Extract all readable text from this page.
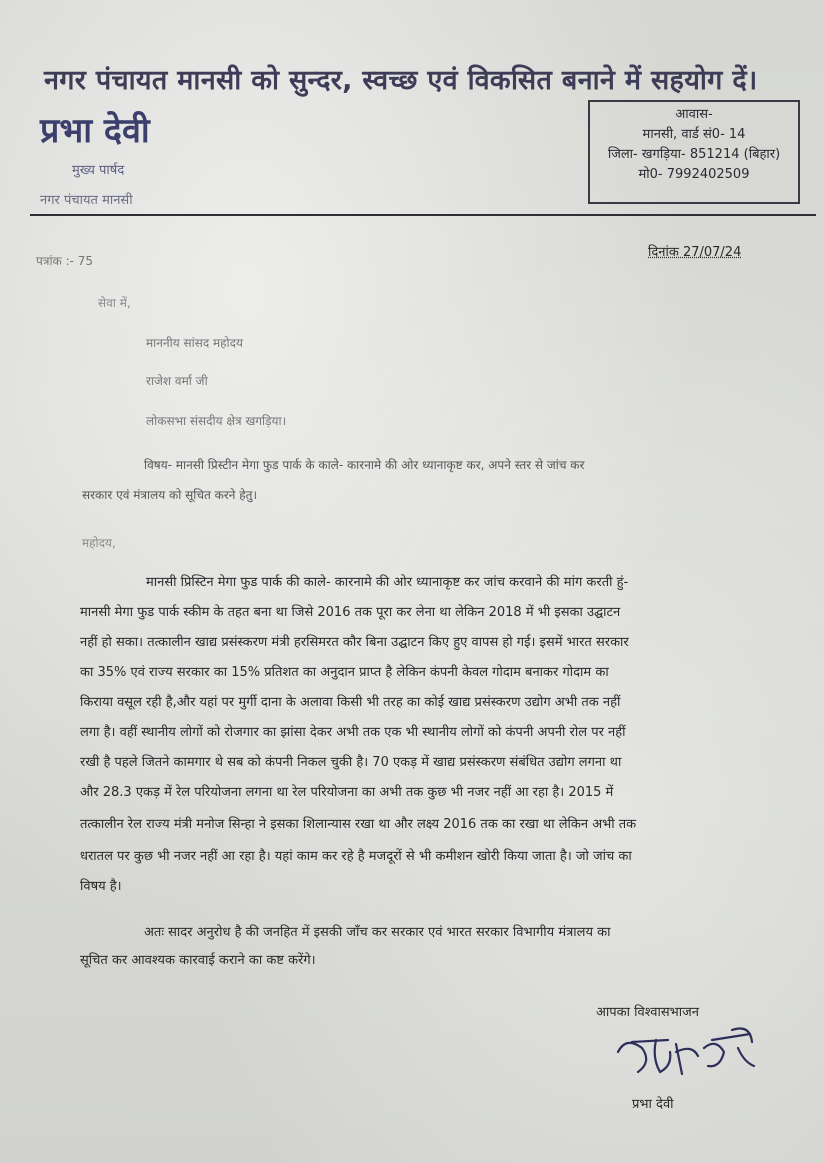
नगर पंचायत मानसी को सुन्दर, स्वच्छ एवं विकसित बनाने में सहयोग दें।
प्रभा देवी
मुख्य पार्षद
नगर पंचायत मानसी
आवास-
मानसी, वार्ड सं0- 14
जिला- खगड़िया- 851214 (बिहार)
मो0- 7992402509
पत्रांक :- 75
दिनांक 27/07/24
सेवा में,
माननीय सांसद महोदय
राजेश वर्मा जी
लोकसभा संसदीय क्षेत्र खगड़िया।
विषय- मानसी प्रिस्टीन मेगा फुड पार्क के काले- कारनामे की ओर ध्यानाकृष्ट कर, अपने स्तर से जांच कर
सरकार एवं मंत्रालय को सूचित करने हेतु।
महोदय,
मानसी प्रिस्टिन मेगा फुड पार्क की काले- कारनामे की ओर ध्यानाकृष्ट कर जांच करवाने की मांग करती हुं-
मानसी मेगा फुड पार्क स्कीम के तहत बना था जिसे 2016 तक पूरा कर लेना था लेकिन 2018 में भी इसका उद्घाटन
नहीं हो सका। तत्कालीन खाद्य प्रसंस्करण मंत्री हरसिमरत कौर बिना उद्घाटन किए हुए वापस हो गई। इसमें भारत सरकार
का 35% एवं राज्य सरकार का 15% प्रतिशत का अनुदान प्राप्त है लेकिन कंपनी केवल गोदाम बनाकर गोदाम का
किराया वसूल रही है,और यहां पर मुर्गी दाना के अलावा किसी भी तरह का कोई खाद्य प्रसंस्करण उद्योग अभी तक नहीं
लगा है। वहीं स्थानीय लोगों को रोजगार का झांसा देकर अभी तक एक भी स्थानीय लोगों को कंपनी अपनी रोल पर नहीं
रखी है पहले जितने कामगार थे सब को कंपनी निकल चुकी है। 70 एकड़ में खाद्य प्रसंस्करण संबंधित उद्योग लगना था
और 28.3 एकड़ में रेल परियोजना लगना था रेल परियोजना का अभी तक कुछ भी नजर नहीं आ रहा है। 2015 में
तत्कालीन रेल राज्य मंत्री मनोज सिन्हा ने इसका शिलान्यास रखा था और लक्ष्य 2016 तक का रखा था लेकिन अभी तक
धरातल पर कुछ भी नजर नहीं आ रहा है। यहां काम कर रहे है मजदूरों से भी कमीशन खोरी किया जाता है। जो जांच का
विषय है।
अतः सादर अनुरोध है की जनहित में इसकी जाँच कर सरकार एवं भारत सरकार विभागीय मंत्रालय का
सूचित कर आवश्यक कारवाई कराने का कष्ट करेंगे।
आपका विश्वासभाजन
प्रभा देवी
